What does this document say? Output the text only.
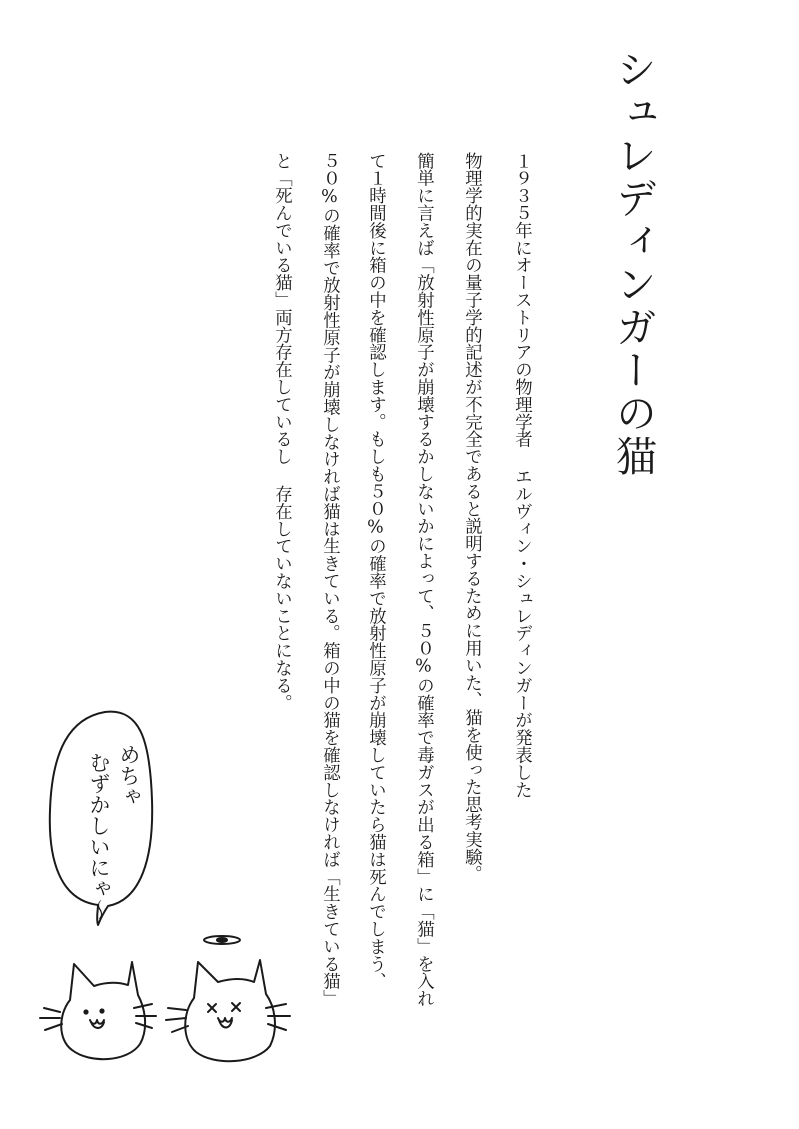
シュレディンガーの猫
１９３５年にオーストリアの物理学者 エルヴィン・シュレディンガーが発表した
物理学的実在の量子学的記述が不完全であると説明するために用いた、猫を使った思考実験。
簡単に言えば「放射性原子が崩壊するかしないかによって、５０%の確率で毒ガスが出る箱」に「猫」を入れ
て１時間後に箱の中を確認します。もしも５０%の確率で放射性原子が崩壊していたら猫は死んでしまう、
５０%の確率で放射性原子が崩壊しなければ猫は生きている。箱の中の猫を確認しなければ「生きている猫」
と「死んでいる猫」両方存在しているし 存在していないことになる。
めちゃ
むずかしいにゃ〜
